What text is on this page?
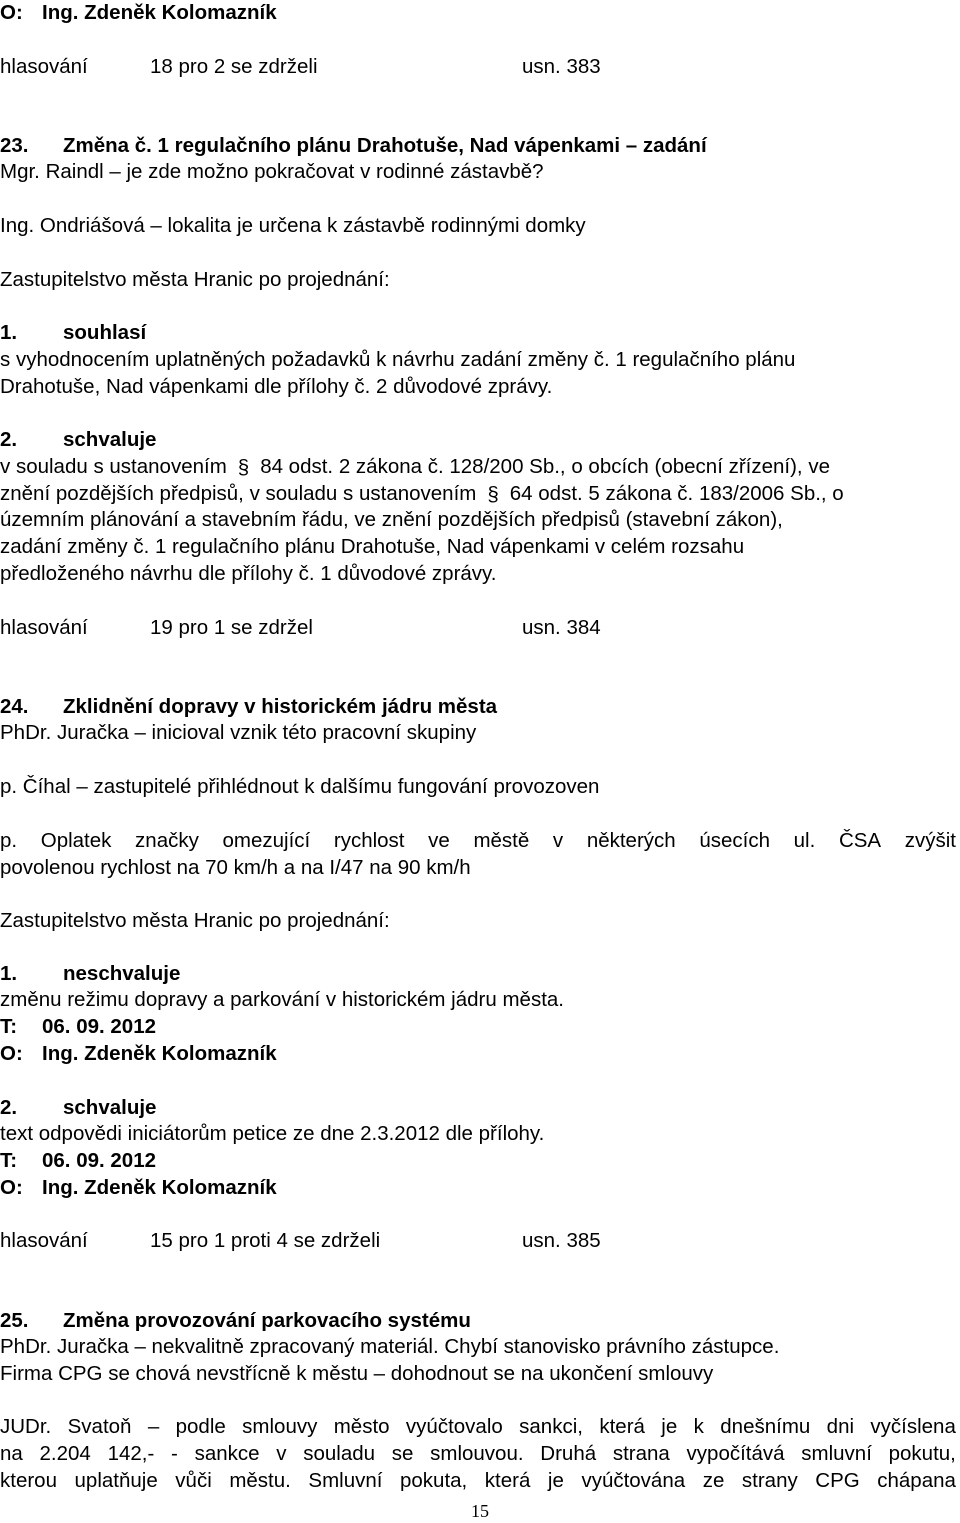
O: Ing. Zdeněk Kolomazník
hlasování	18 pro 2 se zdrželi	usn. 383
23. Změna č. 1 regulačního plánu Drahotuše, Nad vápenkami – zadání
Mgr. Raindl – je zde možno pokračovat v rodinné zástavbě?
Ing. Ondriášová – lokalita je určena k zástavbě rodinnými domky
Zastupitelstvo města Hranic po projednání:
1. souhlasí
s vyhodnocením uplatněných požadavků k návrhu zadání změny č. 1 regulačního plánu
Drahotuše, Nad vápenkami dle přílohy č. 2 důvodové zprávy.
2. schvaluje
v souladu s ustanovením § 84 odst. 2 zákona č. 128/200 Sb., o obcích (obecní zřízení), ve
znění pozdějších předpisů, v souladu s ustanovením § 64 odst. 5 zákona č. 183/2006 Sb., o
územním plánování a stavebním řádu, ve znění pozdějších předpisů (stavební zákon),
zadání změny č. 1 regulačního plánu Drahotuše, Nad vápenkami v celém rozsahu
předloženého návrhu dle přílohy č. 1 důvodové zprávy.
hlasování	19 pro 1 se zdržel	usn. 384
24. Zklidnění dopravy v historickém jádru města
PhDr. Juračka – inicioval vznik této pracovní skupiny
p. Číhal – zastupitelé přihlédnout k dalšímu fungování provozoven
p. Oplatek značky omezující rychlost ve městě v některých úsecích ul. ČSA zvýšit
povolenou rychlost na 70 km/h a na I/47 na 90 km/h
Zastupitelstvo města Hranic po projednání:
1. neschvaluje
změnu režimu dopravy a parkování v historickém jádru města.
T: 06. 09. 2012
O: Ing. Zdeněk Kolomazník
2. schvaluje
text odpovědi iniciátorům petice ze dne 2.3.2012 dle přílohy.
T: 06. 09. 2012
O: Ing. Zdeněk Kolomazník
hlasování	15 pro 1 proti 4 se zdrželi	usn. 385
25. Změna provozování parkovacího systému
PhDr. Juračka – nekvalitně zpracovaný materiál. Chybí stanovisko právního zástupce.
Firma CPG se chová nevstřícně k městu – dohodnout se na ukončení smlouvy
JUDr. Svatoň – podle smlouvy město vyúčtovalo sankci, která je k dnešnímu dni vyčíslena
na 2.204 142,- - sankce v souladu se smlouvou. Druhá strana vypočítává smluvní pokutu,
kterou uplatňuje vůči městu. Smluvní pokuta, která je vyúčtována ze strany CPG chápana
15
